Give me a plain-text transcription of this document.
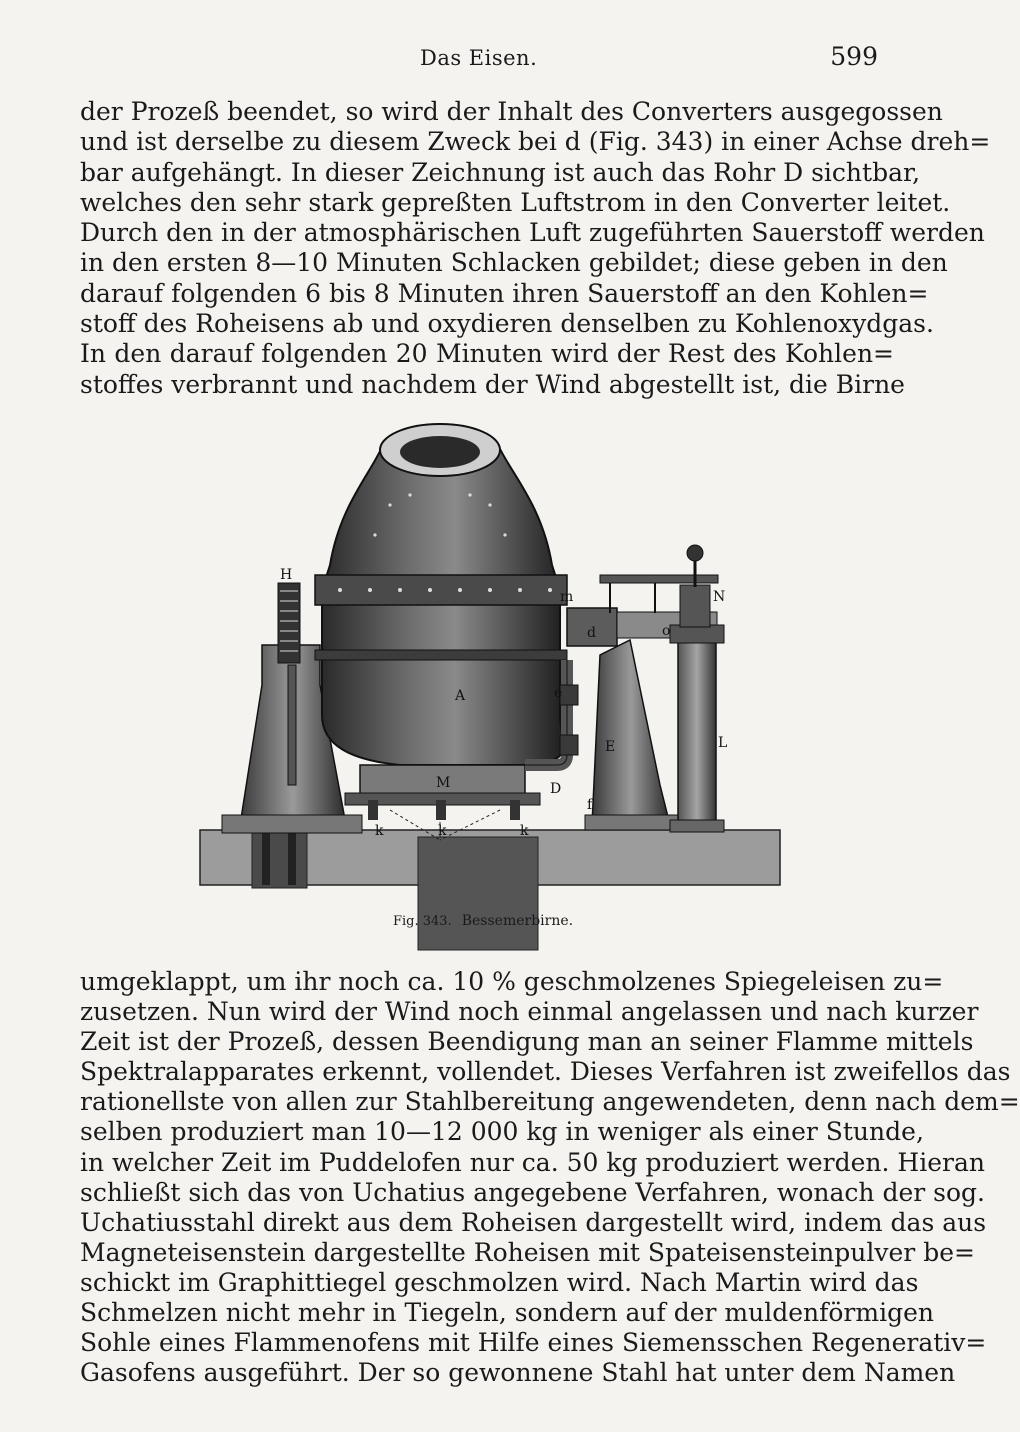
Das Eisen.	599
der Prozeß beendet, so wird der Inhalt des Converters ausgegossen
und ist derselbe zu diesem Zweck bei d (Fig. 343) in einer Achse dreh=
bar aufgehängt. In dieser Zeichnung ist auch das Rohr D sichtbar,
welches den sehr stark gepreßten Luftstrom in den Converter leitet.
Durch den in der atmosphärischen Luft zugeführten Sauerstoff werden
in den ersten 8—10 Minuten Schlacken gebildet; diese geben in den
darauf folgenden 6 bis 8 Minuten ihren Sauerstoff an den Kohlen=
stoff des Roheisens ab und oxydieren denselben zu Kohlenoxydgas.
In den darauf folgenden 20 Minuten wird der Rest des Kohlen=
stoffes verbrannt und nachdem der Wind abgestellt ist, die Birne
H
m	N
d	o
A	e
E	L
M	D
f
k	k	k
Fig. 343. Bessemerbirne.
umgeklappt, um ihr noch ca. 10 % geschmolzenes Spiegeleisen zu=
zusetzen. Nun wird der Wind noch einmal angelassen und nach kurzer
Zeit ist der Prozeß, dessen Beendigung man an seiner Flamme mittels
Spektralapparates erkennt, vollendet. Dieses Verfahren ist zweifellos das
rationellste von allen zur Stahlbereitung angewendeten, denn nach dem=
selben produziert man 10—12 000 kg in weniger als einer Stunde,
in welcher Zeit im Puddelofen nur ca. 50 kg produziert werden. Hieran
schließt sich das von Uchatius angegebene Verfahren, wonach der sog.
Uchatiusstahl direkt aus dem Roheisen dargestellt wird, indem das aus
Magneteisenstein dargestellte Roheisen mit Spateisensteinpulver be=
schickt im Graphittiegel geschmolzen wird. Nach Martin wird das
Schmelzen nicht mehr in Tiegeln, sondern auf der muldenförmigen
Sohle eines Flammenofens mit Hilfe eines Siemensschen Regenerativ=
Gasofens ausgeführt. Der so gewonnene Stahl hat unter dem Namen
